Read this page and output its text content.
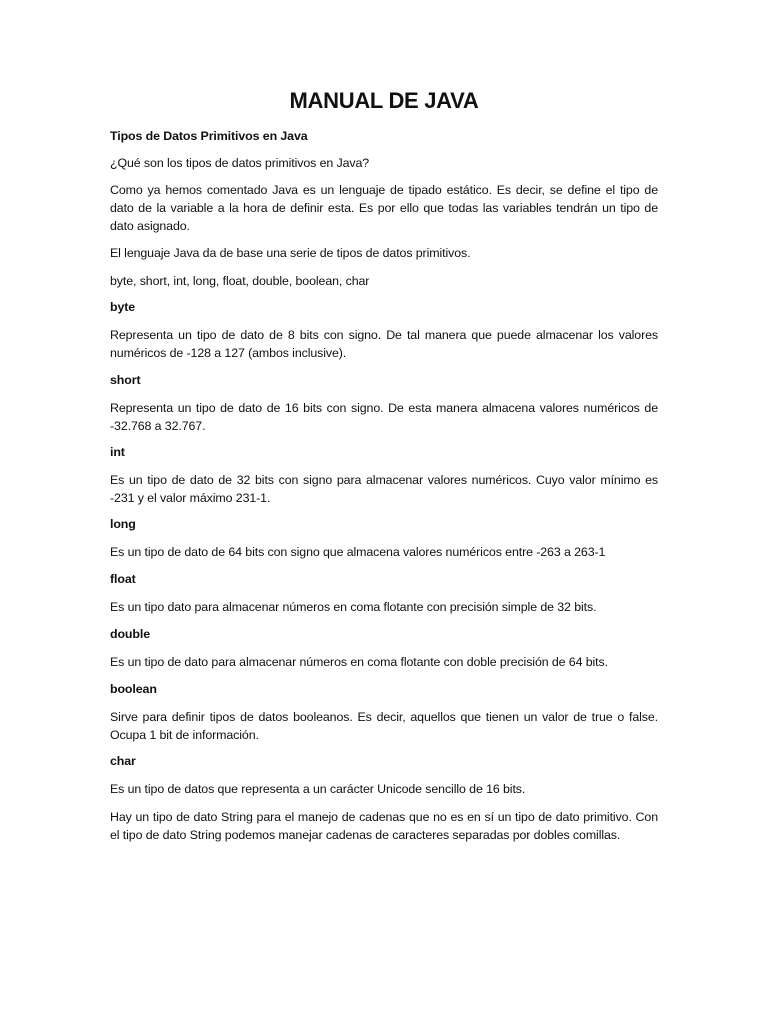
MANUAL DE JAVA
Tipos de Datos Primitivos en Java
¿Qué son los tipos de datos primitivos en Java?
Como ya hemos comentado Java es un lenguaje de tipado estático. Es decir, se define el tipo de dato de la variable a la hora de definir esta. Es por ello que todas las variables tendrán un tipo de dato asignado.
El lenguaje Java da de base una serie de tipos de datos primitivos.
byte, short, int, long, float, double, boolean, char
byte
Representa un tipo de dato de 8 bits con signo. De tal manera que puede almacenar los valores numéricos de -128 a 127 (ambos inclusive).
short
Representa un tipo de dato de 16 bits con signo. De esta manera almacena valores numéricos de -32.768 a 32.767.
int
Es un tipo de dato de 32 bits con signo para almacenar valores numéricos. Cuyo valor mínimo es -231 y el valor máximo 231-1.
long
Es un tipo de dato de 64 bits con signo que almacena valores numéricos entre -263 a 263-1
float
Es un tipo dato para almacenar números en coma flotante con precisión simple de 32 bits.
double
Es un tipo de dato para almacenar números en coma flotante con doble precisión de 64 bits.
boolean
Sirve para definir tipos de datos booleanos. Es decir, aquellos que tienen un valor de true o false. Ocupa 1 bit de información.
char
Es un tipo de datos que representa a un carácter Unicode sencillo de 16 bits.
Hay un tipo de dato String para el manejo de cadenas que no es en sí un tipo de dato primitivo. Con el tipo de dato String podemos manejar cadenas de caracteres separadas por dobles comillas.
